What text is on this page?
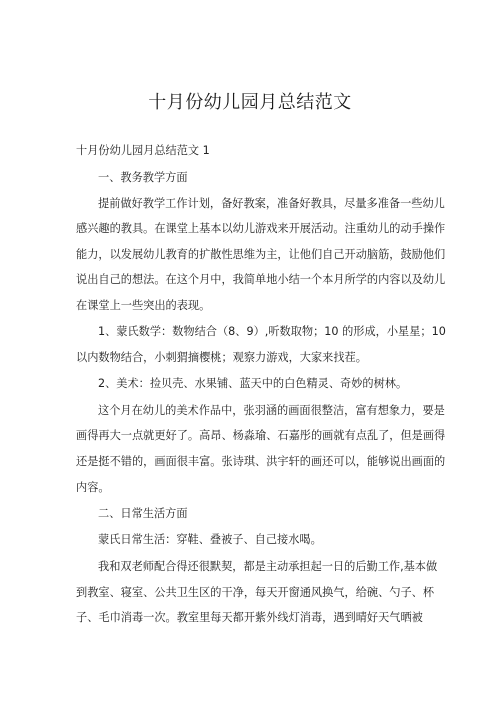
十月份幼儿园月总结范文
十月份幼儿园月总结范文 1
一、教务教学方面
提前做好教学工作计划，备好教案，准备好教具，尽量多准备一些幼儿
感兴趣的教具。在课堂上基本以幼儿游戏来开展活动。注重幼儿的动手操作
能力，以发展幼儿教育的扩散性思维为主，让他们自己开动脑筋，鼓励他们
说出自己的想法。在这个月中，我简单地小结一个本月所学的内容以及幼儿
在课堂上一些突出的表现。
1、蒙氏数学：数物结合（8、9）,听数取物；10 的形成，小星星；10
以内数物结合，小刺猬摘樱桃；观察力游戏，大家来找茬。
2、美术：捡贝壳、水果铺、蓝天中的白色精灵、奇妙的树林。
这个月在幼儿的美术作品中，张羽涵的画面很整洁，富有想象力，要是
画得再大一点就更好了。高昂、杨淼瑜、石嘉彤的画就有点乱了，但是画得
还是挺不错的，画面很丰富。张诗琪、洪宇轩的画还可以，能够说出画面的
内容。
二、日常生活方面
蒙氏日常生活：穿鞋、叠被子、自己接水喝。
我和双老师配合得还很默契，都是主动承担起一日的后勤工作,基本做
到教室、寝室、公共卫生区的干净，每天开窗通风换气，给碗、勺子、杯
子、毛巾消毒一次。教室里每天都开紫外线灯消毒，遇到晴好天气晒被
